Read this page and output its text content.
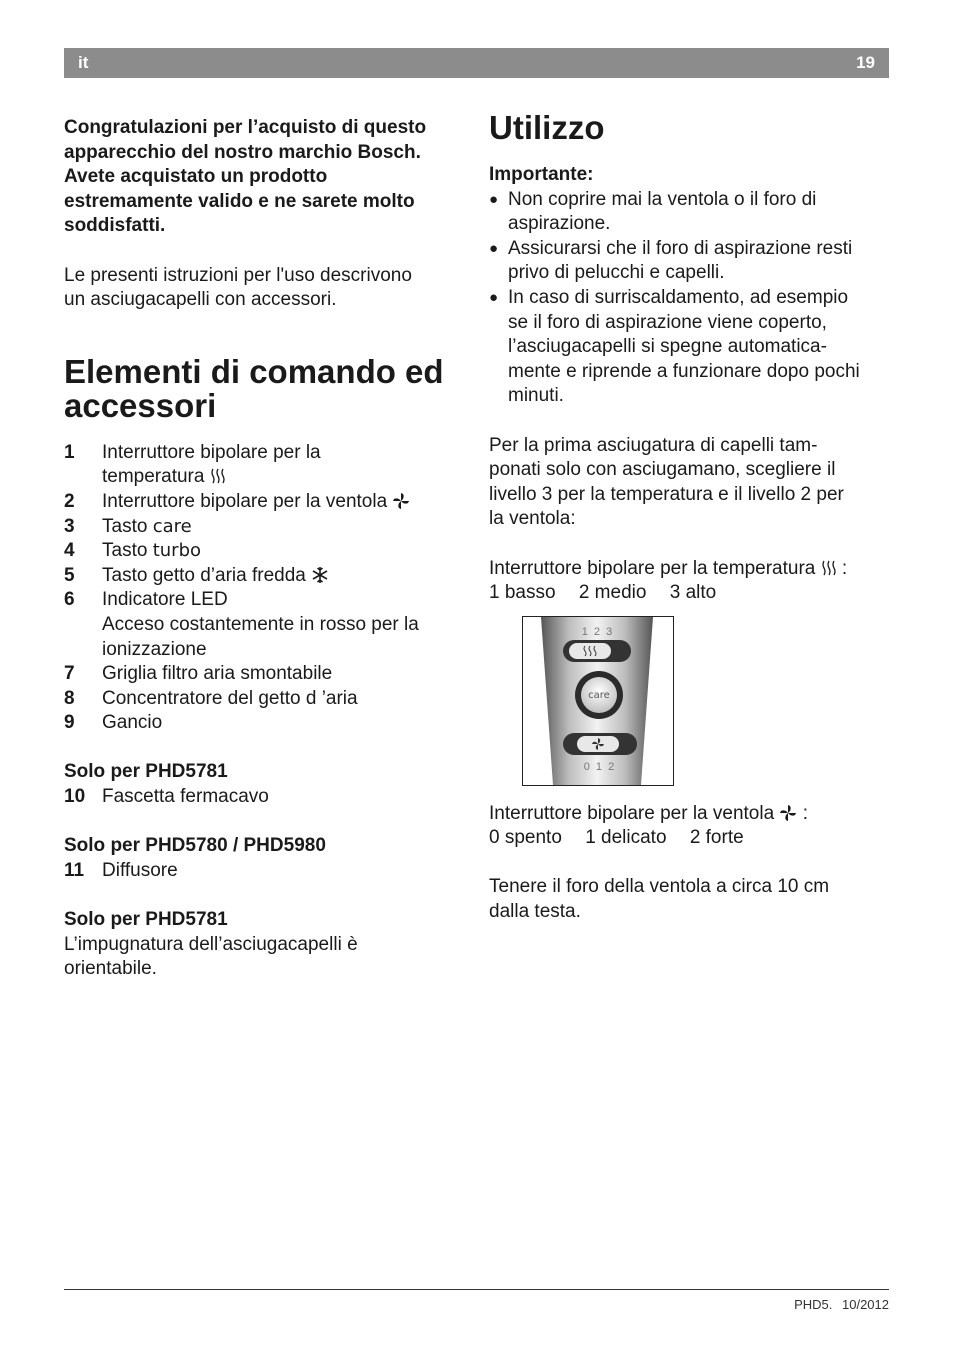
it	19

Congratulazioni per l’acquisto di questo

apparecchio del nostro marchio Bosch.

Avete acquistato un prodotto

estremamente valido e ne sarete molto

soddisfatti.

Le presenti istruzioni per l'uso descrivono

un asciugacapelli con accessori.

Elementi di comando ed
accessori
1	Interruttore bipolare per la
temperatura
2	Interruttore bipolare per la ventola
3	Tasto care
4	Tasto turbo
5	Tasto getto d’aria fredda
6	Indicatore LED
Acceso costantemente in rosso per la
ionizzazione
7	Griglia filtro aria smontabile
8	Concentratore del getto d ’aria
9	Gancio

Solo per PHD5781

10 Fascetta fermacavo

Solo per PHD5780 / PHD5980

11 Diffusore

Solo per PHD5781

L’impugnatura dell’asciugacapelli è

orientabile.

Utilizzo

Importante:

● Non coprire mai la ventola o il foro di
aspirazione.
● Assicurarsi che il foro di aspirazione resti
privo di pelucchi e capelli.
● In caso di surriscaldamento, ad esempio
se il foro di aspirazione viene coperto,
l’asciugacapelli si spegne automatica-
mente e riprende a funzionare dopo pochi
minuti.

Per la prima asciugatura di capelli tam-

ponati solo con asciugamano, scegliere il

livello 3 per la temperatura e il livello 2 per

la ventola:

Interruttore bipolare per la temperatura  :

1 basso 2 medio 3 alto

1  2  3
care
0  1  2

Interruttore bipolare per la ventola  :

0 spento 1 delicato 2 forte

Tenere il foro della ventola a circa 10 cm

dalla testa.

PHD5. 10/2012
